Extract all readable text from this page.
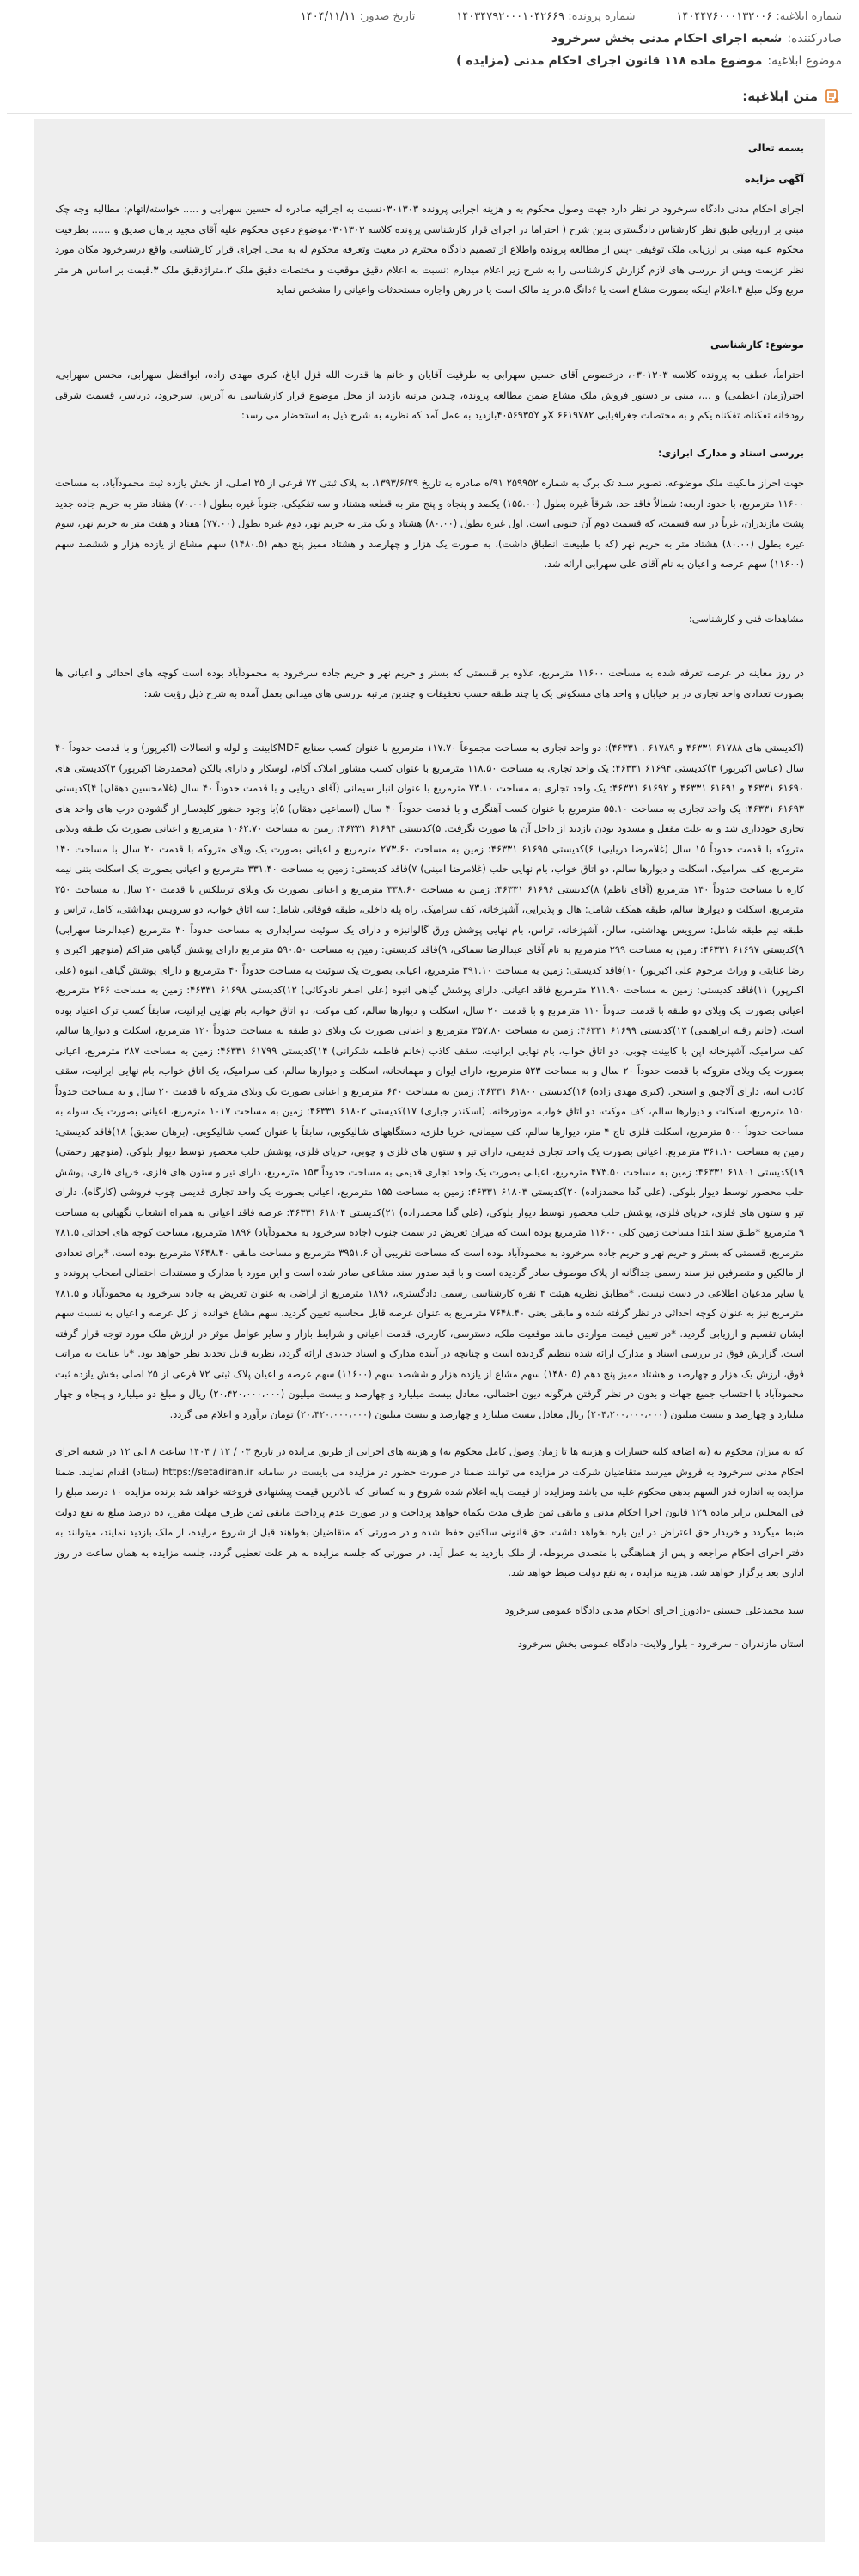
شماره ابلاغیه: ۱۴۰۴۴۷۶۰۰۰۱۳۲۰۰۶
شماره پرونده: ۱۴۰۳۴۷۹۲۰۰۰۱۰۴۲۶۶۹
تاریخ صدور: ۱۴۰۴/۱۱/۱۱
صادرکننده:
شعبه اجرای احکام مدنی بخش سرخرود
موضوع ابلاغیه:
موضوع ماده ۱۱۸ قانون اجرای احکام مدنی (مزایده )
متن ابلاغیه:

بسمه تعالی

آگهی مزایده

اجرای احکام مدنی دادگاه سرخرود در نظر دارد جهت وصول محکوم به و هزینه اجرایی پرونده ۰۳۰۱۳۰۳نسبت به اجرائیه صادره له حسین سهرابی و ..... خواسته/اتهام: مطالبه وجه چک مبنی بر ارزیابی طبق نظر کارشناس دادگستری بدین شرح ( احتراما در اجرای قرار کارشناسی پرونده کلاسه ۰۳۰۱۳۰۳موضوع دعوی محکوم علیه آقای مجید برهان صدیق و ...... بطرفیت محکوم علیه مبنی بر ارزیابی ملک توقیفی -پس از مطالعه پرونده واطلاع از تصمیم دادگاه محترم در معیت وتعرفه محکوم له به محل اجرای قرار کارشناسی واقع درسرخرود مکان مورد نظر عزیمت وپس از بررسی های لازم گزارش کارشناسی را به شرح زیر اعلام میدارم :نسبت به اعلام دقیق موقعیت و مختصات دقیق ملک ۲.متراژدقیق ملک ۳.قیمت بر اساس هر متر مربع وکل مبلغ ۴.اعلام اینکه بصورت مشاع است یا ۶دانگ ۵.در ید مالک است یا در رهن واجاره مستحدثات واعیانی را مشخص نماید

موضوع: کارشناسی

احتراماً، عطف به پرونده کلاسه ۰۳۰۱۳۰۳، درخصوص آقای حسین سهرابی به طرفیت آقایان و خانم ها قدرت الله قزل ایاغ، کبری مهدی زاده، ابوافضل سهرابی، محسن سهرابی، اختر(زمان اعظمی) و ...، مبنی بر دستور فروش ملک مشاع ضمن مطالعه پرونده، چندین مرتبه بازدید از محل موضوع قرار کارشناسی به آدرس: سرخرود، دریاسر، قسمت شرقی رودخانه تفکناه، تفکناه یکم و به مختصات جغرافیایی ۶۶۱۹۷۸۲ Xو ۴۰۵۶۹۳۵Yبازدید به عمل آمد که نظریه به شرح ذیل به استحضار می رسد:

بررسی اسناد و مدارک ابرازی:

جهت احراز مالکیت ملک موضوعه، تصویر سند تک برگ به شماره ۲۵۹۹۵۲ ۹۱/ه صادره به تاریخ ۱۳۹۳/۶/۲۹، به پلاک ثبتی ۷۲ فرعی از ۲۵ اصلی، از بخش یازده ثبت محمودآباد، به مساحت ۱۱۶۰۰ مترمربع، با حدود اربعه: شمالاً فاقد حد، شرقاً غیره بطول (۱۵۵.۰۰) یکصد و پنجاه و پنج متر به قطعه هشتاد و سه تفکیکی، جنوباً غیره بطول (۷۰.۰۰) هفتاد متر به حریم جاده جدید پشت مازندران، غرباً در سه قسمت، که قسمت دوم آن جنوبی است. اول غیره بطول (۸۰.۰۰) هشتاد و یک متر به حریم نهر، دوم غیره بطول (۷۷.۰۰) هفتاد و هفت متر به حریم نهر، سوم غیره بطول (۸۰.۰۰) هشتاد متر به حریم نهر (که با طبیعت انطباق داشت)، به صورت یک هزار و چهارصد و هشتاد ممیز پنج دهم (۱۴۸۰.۵) سهم مشاع از یازده هزار و ششصد سهم (۱۱۶۰۰) سهم عرصه و اعیان به نام آقای علی سهرابی ارائه شد.

مشاهدات فنی و کارشناسی:

در روز معاینه در عرصه تعرفه شده به مساحت ۱۱۶۰۰ مترمربع، علاوه بر قسمتی که بستر و حریم نهر و حریم جاده سرخرود به محمودآباد بوده است کوچه های احداثی و اعیانی ها بصورت تعدادی واحد تجاری در بر خیابان و واحد های مسکونی یک یا چند طبقه حسب تحقیقات و چندین مرتبه بررسی های میدانی بعمل آمده به شرح ذیل رؤیت شد:

(اکدیستی های ۶۱۷۸۸ ۴۶۳۳۱ و ۶۱۷۸۹ . ۴۶۳۳۱): دو واحد تجاری به مساحت مجموعاً ۱۱۷.۷۰ مترمربع با عنوان کسب صنایع MDFکابینت و لوله و اتصالات (اکبرپور) و با قدمت حدوداً ۴۰ سال (عباس اکبرپور) ۳)کدیستی ۶۱۶۹۴ ۴۶۳۳۱: یک واحد تجاری به مساحت ۱۱۸.۵۰ مترمربع با عنوان کسب مشاور املاک آکام، لوسکار و دارای بالکن (محمدرضا اکبرپور) ۳)کدیستی های ۶۱۶۹۰ ۴۶۳۳۱ و ۶۱۶۹۱ ۴۶۳۳۱ و ۶۱۶۹۲ ۴۶۳۳۱: یک واحد تجاری به مساحت ۷۳.۱۰ مترمربع با عنوان انبار سیمانی (آقای دریایی و با قدمت حدوداً ۴۰ سال (غلامحسین دهقان) ۴)کدیستی ۶۱۶۹۳ ۴۶۳۳۱: یک واحد تجاری به مساحت ۵۵.۱۰ مترمربع با عنوان کسب آهنگری و با قدمت حدوداً ۴۰ سال (اسماعیل دهقان) ۵)با وجود حضور کلیدساز از گشودن درب های واحد های تجاری خودداری شد و به علت مقفل و مسدود بودن بازدید از داخل آن ها صورت نگرفت. ۵)کدیستی ۶۱۶۹۴ ۴۶۳۳۱: زمین به مساحت ۱۰۶۲.۷۰ مترمربع و اعیانی بصورت یک طبقه ویلایی متروکه با قدمت حدوداً ۱۵ سال (غلامرضا دریایی) ۶)کدیستی ۶۱۶۹۵ ۴۶۳۳۱: زمین به مساحت ۲۷۳.۶۰ مترمربع و اعیانی بصورت یک ویلای متروکه با قدمت ۲۰ سال با مساحت ۱۴۰ مترمربع، کف سرامیک، اسکلت و دیوارها سالم، دو اتاق خواب، بام نهایی حلب (غلامرضا امینی) ۷)فاقد کدیستی: زمین به مساحت ۳۳۱.۴۰ مترمربع و اعیانی بصورت یک اسکلت بتنی نیمه کاره با مساحت حدوداً ۱۴۰ مترمربع (آقای ناظم) ۸)کدیستی ۶۱۶۹۶ ۴۶۳۳۱: زمین به مساحت ۳۳۸.۶۰ مترمربع و اعیانی بصورت یک ویلای تریبلکس با قدمت ۲۰ سال به مساحت ۳۵۰ مترمربع، اسکلت و دیوارها سالم، طبقه همکف شامل: هال و پذیرایی، آشپزخانه، کف سرامیک، راه پله داخلی، طبقه فوقانی شامل: سه اتاق خواب، دو سرویس بهداشتی، کامل، تراس و طبقه نیم طبقه شامل: سرویس بهداشتی، سالن، آشپزخانه، تراس، بام نهایی پوشش ورق گالوانیزه و دارای یک سوئیت سرایداری به مساحت حدوداً ۳۰ مترمربع (عبدالرضا سهرابی) ۹)کدیستی ۶۱۶۹۷ ۴۶۳۳۱: زمین به مساحت ۲۹۹ مترمربع به نام آقای عبدالرضا سماکی، ۹)فاقد کدیستی: زمین به مساحت ۵۹۰.۵۰ مترمربع دارای پوشش گیاهی متراکم (منوچهر اکبری و رضا عنایتی و وراث مرحوم علی اکبرپور) ۱۰)فاقد کدیستی: زمین به مساحت ۳۹۱.۱۰ مترمربع، اعیانی بصورت یک سوئیت به مساحت حدوداً ۴۰ مترمربع و دارای پوشش گیاهی انبوه (علی اکبرپور) ۱۱)فاقد کدیستی: زمین به مساحت ۲۱۱.۹۰ مترمربع فاقد اعیانی، دارای پوشش گیاهی انبوه (علی اصغر نادوکائی) ۱۲)کدیستی ۶۱۶۹۸ ۴۶۳۳۱: زمین به مساحت ۲۶۶ مترمربع، اعیانی بصورت یک ویلای دو طبقه با قدمت حدوداً ۱۱۰ مترمربع و با قدمت ۲۰ سال، اسکلت و دیوارها سالم، کف موکت، دو اتاق خواب، بام نهایی ایرانیت، سابقاً کسب ترک اعتیاد بوده است. (خانم رقیه ابراهیمی) ۱۳)کدیستی ۶۱۶۹۹ ۴۶۳۳۱: زمین به مساحت ۳۵۷.۸۰ مترمربع و اعیانی بصورت یک ویلای دو طبقه به مساحت حدوداً ۱۲۰ مترمربع، اسکلت و دیوارها سالم، کف سرامیک، آشپزخانه اپن با کابینت چوبی، دو اتاق خواب، بام نهایی ایرانیت، سقف کاذب (خانم فاطمه شکرانی) ۱۴)کدیستی ۶۱۷۹۹ ۴۶۳۳۱: زمین به مساحت ۲۸۷ مترمربع، اعیانی بصورت یک ویلای متروکه با قدمت حدوداً ۲۰ سال و به مساحت ۵۲۳ مترمربع، دارای ایوان و مهمانخانه، اسکلت و دیوارها سالم، کف سرامیک، یک اتاق خواب، بام نهایی ایرانیت، سقف کاذب ایبه، دارای آلاچیق و استخر. (کبری مهدی زاده) ۱۶)کدیستی ۶۱۸۰۰ ۴۶۳۳۱: زمین به مساحت ۶۴۰ مترمربع و اعیانی بصورت یک ویلای متروکه با قدمت ۲۰ سال و به مساحت حدوداً ۱۵۰ مترمربع، اسکلت و دیوارها سالم، کف موکت، دو اتاق خواب، موتورخانه. (اسکندر جباری) ۱۷)کدیستی ۶۱۸۰۲ ۴۶۳۳۱: زمین به مساحت ۱۰۱۷ مترمربع، اعیانی بصورت یک سوله به مساحت حدوداً ۵۰۰ مترمربع، اسکلت فلزی تاج ۴ متر، دیوارها سالم، کف سیمانی، خریا فلزی، دستگاههای شالیکوبی، سابقاً با عنوان کسب شالیکوبی. (برهان صدیق) ۱۸)فاقد کدیستی: زمین به مساحت ۳۶۱.۱۰ مترمربع، اعیانی بصورت یک واحد تجاری قدیمی، دارای تیر و ستون های فلزی و چوبی، خرپای فلزی، پوشش حلب محصور توسط دیوار بلوکی. (منوچهر رحمتی) ۱۹)کدیستی ۶۱۸۰۱ ۴۶۳۳۱: زمین به مساحت ۴۷۳.۵۰ مترمربع، اعیانی بصورت یک واحد تجاری قدیمی به مساحت حدوداً ۱۵۳ مترمربع، دارای تیر و ستون های فلزی، خرپای فلزی، پوشش حلب محصور توسط دیوار بلوکی. (علی گدا محمدزاده) ۲۰)کدیستی ۶۱۸۰۳ ۴۶۳۳۱: زمین به مساحت ۱۵۵ مترمربع، اعیانی بصورت یک واحد تجاری قدیمی چوب فروشی (کارگاه)، دارای تیر و ستون های فلزی، خرپای فلزی، پوشش حلب محصور توسط دیوار بلوکی، (علی گدا محمدزاده) ۲۱)کدیستی ۶۱۸۰۴ ۴۶۳۳۱: عرصه فاقد اعیانی به همراه انشعاب نگهبانی به مساحت ۹ مترمربع *طبق سند ابتدا مساحت زمین کلی ۱۱۶۰۰ مترمربع بوده است که میزان تعریض در سمت جنوب (جاده سرخرود به محمودآباد) ۱۸۹۶ مترمربع، مساحت کوچه های احداثی ۷۸۱.۵ مترمربع، قسمتی که بستر و حریم نهر و حریم جاده سرخرود به محمودآباد بوده است که مساحت تقریبی آن ۳۹۵۱.۶ مترمربع و مساحت مابقی ۷۶۴۸.۴۰ مترمربع بوده است. *برای تعدادی از مالکین و متصرفین نیز سند رسمی جداگانه از پلاک موصوف صادر گردیده است و با قید صدور سند مشاعی صادر شده است و این مورد با مدارک و مستندات احتمالی اصحاب پرونده و یا سایر مدعیان اطلاعی در دست نیست. *مطابق نظریه هیئت ۴ نفره کارشناسی رسمی دادگستری، ۱۸۹۶ مترمربع از اراضی به عنوان تعریض به جاده سرخرود به محمودآباد و ۷۸۱.۵ مترمربع نیز به عنوان کوچه احداثی در نظر گرفته شده و مابقی یعنی ۷۶۴۸.۴۰ مترمربع به عنوان عرصه قابل محاسبه تعیین گردید. سهم مشاع خوانده از کل عرصه و اعیان به نسبت سهم ایشان تقسیم و ارزیابی گردید. *در تعیین قیمت مواردی مانند موقعیت ملک، دسترسی، کاربری، قدمت اعیانی و شرایط بازار و سایر عوامل موثر در ارزش ملک مورد توجه قرار گرفته است. گزارش فوق در بررسی اسناد و مدارک ارائه شده تنظیم گردیده است و چنانچه در آینده مدارک و اسناد جدیدی ارائه گردد، نظریه قابل تجدید نظر خواهد بود. *با عنایت به مراتب فوق، ارزش یک هزار و چهارصد و هشتاد ممیز پنج دهم (۱۴۸۰.۵) سهم مشاع از یازده هزار و ششصد سهم (۱۱۶۰۰) سهم عرصه و اعیان پلاک ثبتی ۷۲ فرعی از ۲۵ اصلی بخش یازده ثبت محمودآباد با احتساب جمیع جهات و بدون در نظر گرفتن هرگونه دیون احتمالی، معادل بیست میلیارد و چهارصد و بیست میلیون (۲۰،۴۲۰،۰۰۰،۰۰۰) ریال و مبلغ دو میلیارد و پنجاه و چهار میلیارد و چهارصد و بیست میلیون (۲۰۴،۲۰۰،۰۰۰،۰۰۰) ریال معادل بیست میلیارد و چهارصد و بیست میلیون (۲۰،۴۲۰،۰۰۰،۰۰۰) تومان برآورد و اعلام می گردد.

که به میزان محکوم به (به اضافه کلیه خسارات و هزینه ها تا زمان وصول کامل محکوم به) و هزینه های اجرایی از طریق مزایده در تاریخ ۰۳ / ۱۲ / ۱۴۰۴ ساعت ۸ الی ۱۲ در شعبه اجرای احکام مدنی سرخرود به فروش میرسد متقاضیان شرکت در مزایده می توانند ضمنا در صورت حضور در مزایده می بایست در سامانه https://setadiran.ir (ستاد) اقدام نمایند. ضمنا مزایده به اندازه قدر السهم بدهی محکوم علیه می باشد ومزایده از قیمت پایه اعلام شده شروع و به کسانی که بالاترین قیمت پیشنهادی فروخته خواهد شد برنده مزایده ۱۰ درصد مبلغ را فی المجلس برابر ماده ۱۲۹ قانون اجرا احکام مدنی و مابقی ثمن ظرف مدت یکماه خواهد پرداخت و در صورت عدم پرداخت مابقی ثمن ظرف مهلت مقرر، ده درصد مبلغ به نفع دولت ضبط میگردد و خریدار حق اعتراض در این باره نخواهد داشت. حق قانونی ساکنین حفظ شده و در صورتی که متقاضیان بخواهند قبل از شروع مزایده، از ملک بازدید نمایند، میتوانند به دفتر اجرای احکام مراجعه و پس از هماهنگی با متصدی مربوطه، از ملک بازدید به عمل آید. در صورتی که جلسه مزایده به هر علت تعطیل گردد، جلسه مزایده به همان ساعت در روز اداری بعد برگزار خواهد شد. هزینه مزایده ، به نفع دولت ضبط خواهد شد.

سید محمدعلی حسینی -دادورز اجرای احکام مدنی دادگاه عمومی سرخرود

استان مازندران - سرخرود - بلوار ولایت- دادگاه عمومی بخش سرخرود
